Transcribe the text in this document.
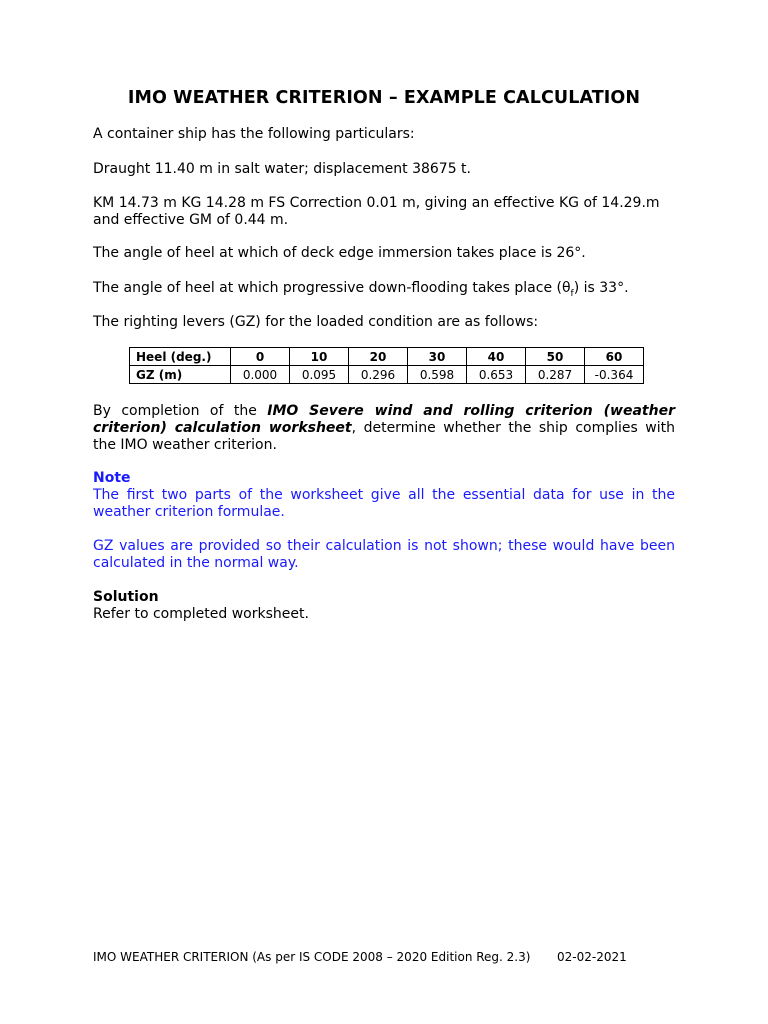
IMO WEATHER CRITERION – EXAMPLE CALCULATION

A container ship has the following particulars:

Draught 11.40 m in salt water; displacement 38675 t.

KM 14.73 m KG 14.28 m FS Correction 0.01 m, giving an effective KG of 14.29.m and effective GM of 0.44 m.

The angle of heel at which of deck edge immersion takes place is 26°.

The angle of heel at which progressive down-flooding takes place $(\theta_f)$ is 33°.

The righting levers (GZ) for the loaded condition are as follows:

Heel (deg.)	0	10	20	30	40	50	60
GZ (m)	0.000	0.095	0.296	0.598	0.653	0.287	-0.364

By completion of the IMO Severe wind and rolling criterion (weather criterion) calculation worksheet, determine whether the ship complies with the IMO weather criterion.

Note

The first two parts of the worksheet give all the essential data for use in the weather criterion formulae.

GZ values are provided so their calculation is not shown; these would have been calculated in the normal way.

Solution

Refer to completed worksheet.

IMO WEATHER CRITERION (As per IS CODE 2008 – 2020 Edition Reg. 2.3) 02-02-2021
